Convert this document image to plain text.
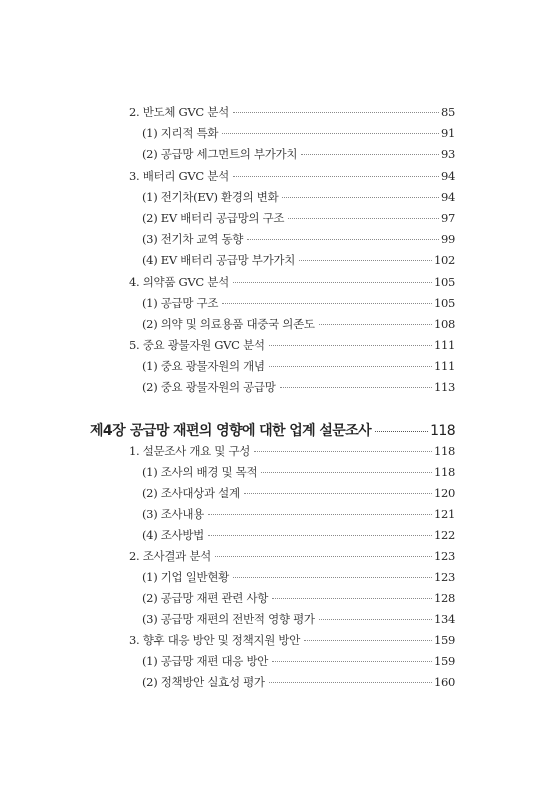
2. 반도체 GVC 분석	85
(1) 지리적 특화	91
(2) 공급망 세그먼트의 부가가치	93
3. 배터리 GVC 분석	94
(1) 전기차(EV) 환경의 변화	94
(2) EV 배터리 공급망의 구조	97
(3) 전기차 교역 동향	99
(4) EV 배터리 공급망 부가가치	102
4. 의약품 GVC 분석	105
(1) 공급망 구조	105
(2) 의약 및 의료용품 대중국 의존도	108
5. 중요 광물자원 GVC 분석	111
(1) 중요 광물자원의 개념	111
(2) 중요 광물자원의 공급망	113
제4장 공급망 재편의 영향에 대한 업계 설문조사	118
1. 설문조사 개요 및 구성	118
(1) 조사의 배경 및 목적	118
(2) 조사대상과 설계	120
(3) 조사내용	121
(4) 조사방법	122
2. 조사결과 분석	123
(1) 기업 일반현황	123
(2) 공급망 재편 관련 사항	128
(3) 공급망 재편의 전반적 영향 평가	134
3. 향후 대응 방안 및 정책지원 방안	159
(1) 공급망 재편 대응 방안	159
(2) 정책방안 실효성 평가	160
